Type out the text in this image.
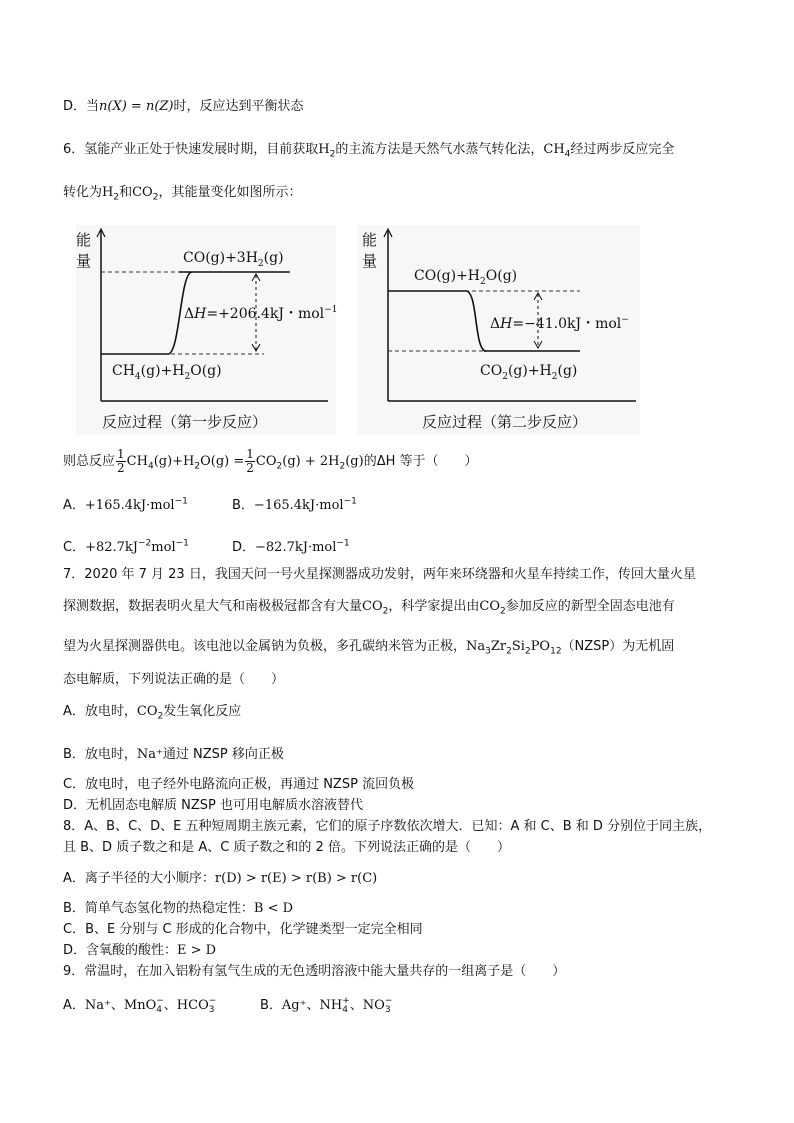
D．当n(X) = n(Z)时，反应达到平衡状态
6．氢能产业正处于快速发展时期，目前获取$H_2$的主流方法是天然气水蒸气转化法，$CH_4$经过两步反应完全
转化为$H_2$和$CO_2$，其能量变化如图所示：
能
量	$CO(g)+3H_2(g)$
ΔH=+206.4kJ・mol$^{-1}$
$CH_4(g)+H_2O(g)$
反应过程（第一步反应）
能
量
$CO(g)+H_2O(g)$
ΔH=−41.0kJ・mol−
$CO_2(g)+H_2(g)$
反应过程（第二步反应）
则总反应 $\frac{1}{2} CH_4(g)+H_2O(g) = \frac{1}{2} CO_2(g) + 2H_2(g)$的ΔH 等于（　　）
A．+165.4kJ·mol$^{-1}$	B．−165.4kJ·mol$^{-1}$
C．$+82.7kJ^{-2}mol^{-1}$	D．−82.7kJ·mol$^{-1}$
7．2020 年 7 月 23 日，我国天问一号火星探测器成功发射，两年来环绕器和火星车持续工作，传回大量火星
探测数据，数据表明火星大气和南极极冠都含有大量$CO_2$，科学家提出由$CO_2$参加反应的新型全固态电池有
望为火星探测器供电。该电池以金属钠为负极，多孔碳纳米管为正极，$Na_3Zr_2Si_2PO_{12}(NZSP)$为无机固
态电解质，下列说法正确的是（　　）
A．放电时，$CO_2$发生氧化反应
B．放电时，Na⁺通过 NZSP 移向正极
C．放电时，电子经外电路流向正极，再通过 NZSP 流回负极
D．无机固态电解质 NZSP 也可用电解质水溶液替代
8．A、B、C、D、E 五种短周期主族元素，它们的原子序数依次增大．已知：A 和 C、B 和 D 分别位于同主族，
且 B、D 质子数之和是 A、C 质子数之和的 2 倍。下列说法正确的是（　　）
A．离子半径的大小顺序：r(D) > r(E) > r(B) > r(C)
B．简单气态氢化物的热稳定性：B < D
C．B、E 分别与 C 形成的化合物中，化学键类型一定完全相同
D．含氧酸的酸性：E > D
9．常温时，在加入铝粉有氢气生成的无色透明溶液中能大量共存的一组离子是（　　）
A．Na⁺、MnO −
4 、HCO −
3	B．Ag⁺、NH +
4 、NO −
3
